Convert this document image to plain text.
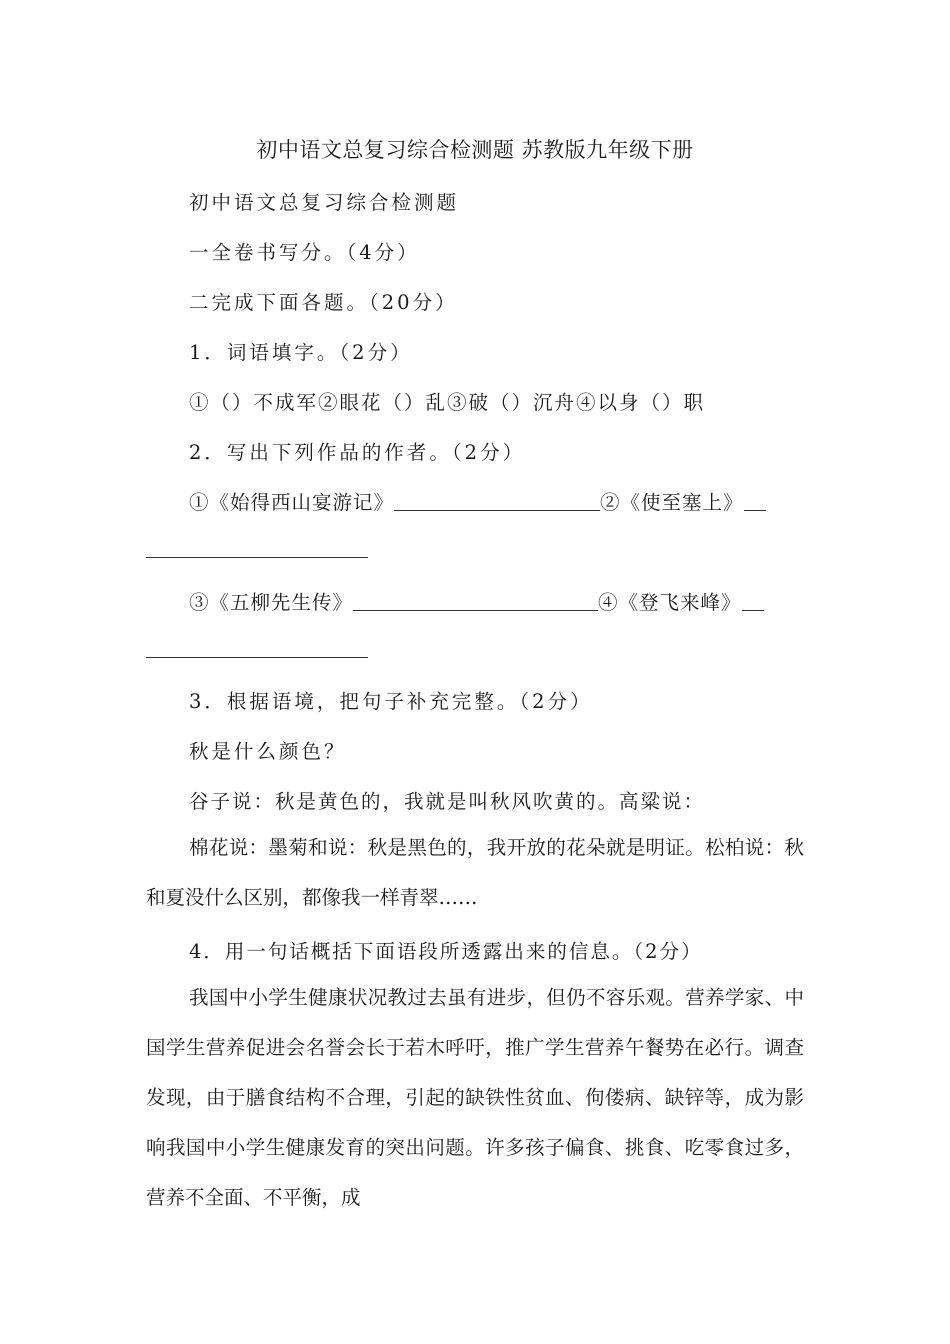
初中语文总复习综合检测题 苏教版九年级下册
初中语文总复习综合检测题
一全卷书写分。（4分）
二完成下面各题。（20分）
1．词语填字。（2分）
①（）不成军②眼花（）乱③破（）沉舟④以身（）职
2．写出下列作品的作者。（2分）
①《始得西山宴游记》	②《使至塞上》
③《五柳先生传》	④《登飞来峰》
3．根据语境，把句子补充完整。（2分）
秋是什么颜色？
谷子说：秋是黄色的，我就是叫秋风吹黄的。高粱说：
棉花说：墨菊和说：秋是黑色的，我开放的花朵就是明证。松柏说：秋和夏没什么区别，都像我一样青翠……
4．用一句话概括下面语段所透露出来的信息。（2分）
我国中小学生健康状况教过去虽有进步，但仍不容乐观。营养学家、中国学生营养促进会名誉会长于若木呼吁，推广学生营养午餐势在必行。调查发现，由于膳食结构不合理，引起的缺铁性贫血、佝偻病、缺锌等，成为影响我国中小学生健康发育的突出问题。许多孩子偏食、挑食、吃零食过多，营养不全面、不平衡，成
